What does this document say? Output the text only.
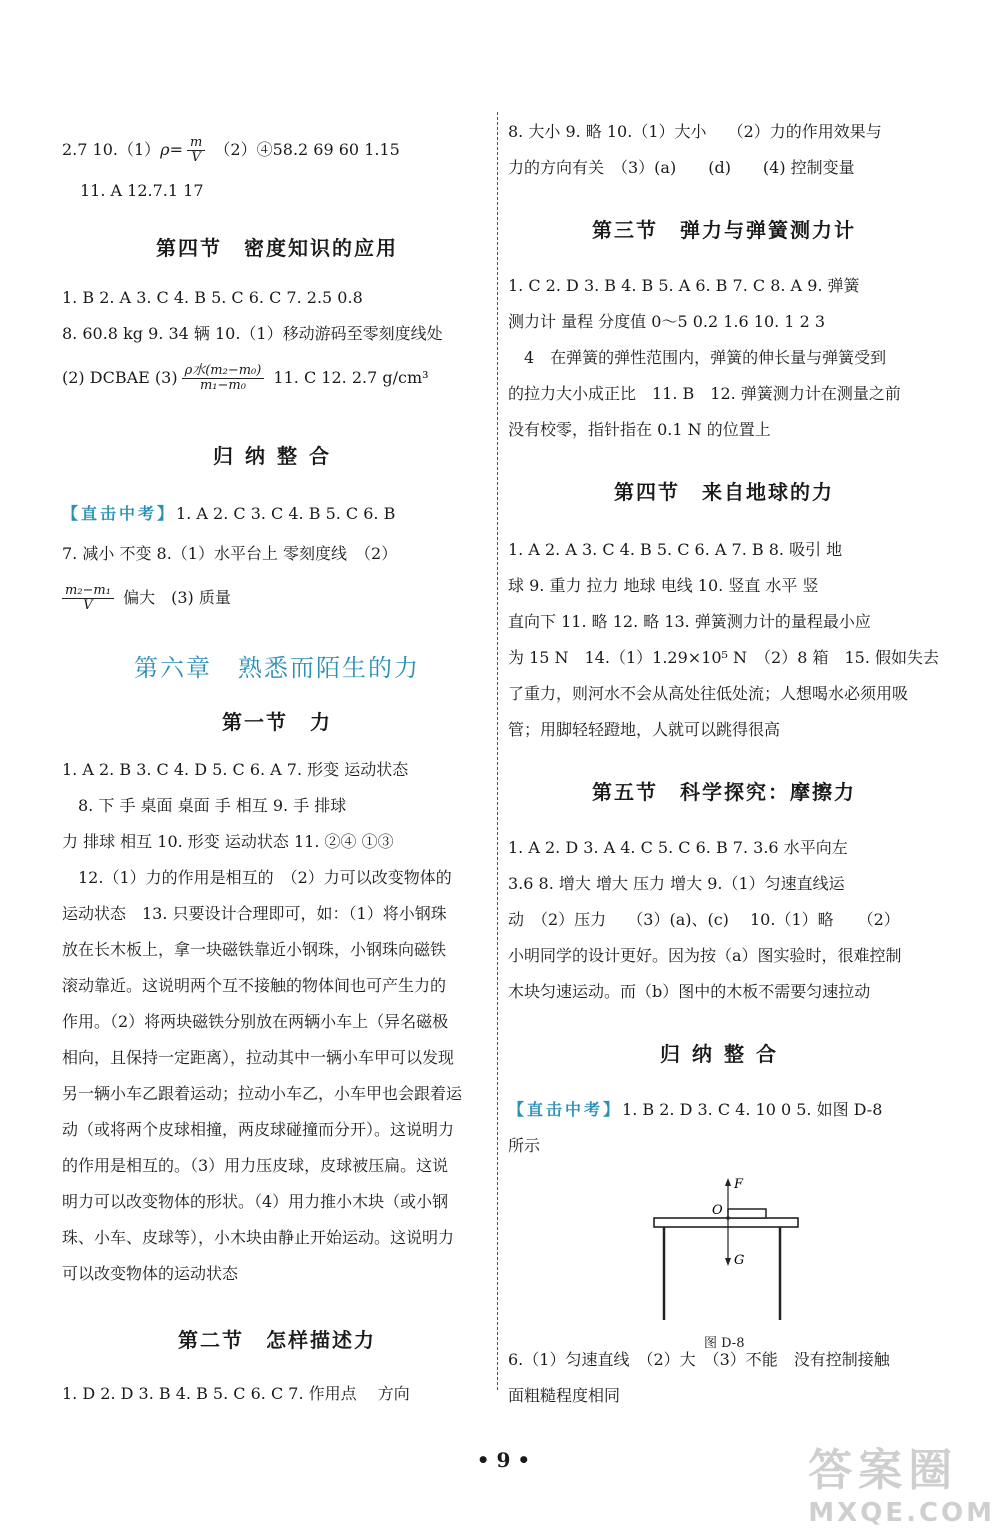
2.7 $10.(1)\rho= \frac{m}{V}$ （2）④58.2 69 60 1.15
11. A 12.7.1 17
第四节　密度知识的应用
1. B 2. A 3. C 4. B 5. C 6. C 7. 2.5 0.8
8. 60.8 kg 9. 34 辆 10.（1）移动游码至零刻度线处
(2) DCBAE $(3) \frac{\text{ρ水(m₂−m₀)}}{\text{m₁−m₀}} 11$. C 12. 2.7 g/cm³
归纳整合
【直击中考】1. A 2. C 3. C 4. B 5. C 6. B
7. 减小 不变 8.（1）水平台上 零刻度线　（2）
$\frac{\text{m₂−m₁}}{V}$ 偏大　(3) 质量
第六章　熟悉而陌生的力
第一节　力
1. A 2. B 3. C 4. D 5. C 6. A 7. 形变 运动状态
　8. 下 手 桌面 桌面 手 相互 9. 手 排球
力 排球 相互 10. 形变 运动状态 11. ②④ ①③
　12.（1）力的作用是相互的　（2）力可以改变物体的
运动状态　13. 只要设计合理即可，如：（1）将小钢珠
放在长木板上，拿一块磁铁靠近小钢珠，小钢珠向磁铁
滚动靠近。这说明两个互不接触的物体间也可产生力的
作用。（2）将两块磁铁分别放在两辆小车上（异名磁极
相向，且保持一定距离），拉动其中一辆小车甲可以发现
另一辆小车乙跟着运动；拉动小车乙，小车甲也会跟着运
动（或将两个皮球相撞，两皮球碰撞而分开）。这说明力
的作用是相互的。（3）用力压皮球，皮球被压扁。这说
明力可以改变物体的形状。（4）用力推小木块（或小钢
珠、小车、皮球等），小木块由静止开始运动。这说明力
可以改变物体的运动状态
第二节　怎样描述力
1. D 2. D 3. B 4. B 5. C 6. C 7. 作用点　 方向
8. 大小 9. 略 10.（1）大小　 （2）力的作用效果与
力的方向有关　（3）(a)　　(d)　　(4) 控制变量
第三节　弹力与弹簧测力计
1. C 2. D 3. B 4. B 5. A 6. B 7. C 8. A 9. 弹簧
测力计 量程 分度值 0～5 0.2 1.6 10. 1 2 3
　4　在弹簧的弹性范围内，弹簧的伸长量与弹簧受到
的拉力大小成正比　11. B　12. 弹簧测力计在测量之前
没有校零，指针指在 0.1 N 的位置上
第四节　来自地球的力
1. A 2. A 3. C 4. B 5. C 6. A 7. B 8. 吸引 地
球 9. 重力 拉力 地球 电线 10. 竖直 水平 竖
直向下 11. 略 12. 略 13. 弹簧测力计的量程最小应
为 15 N　14.（1）1.29×10⁵ N　（2）8 箱　15. 假如失去
了重力，则河水不会从高处往低处流；人想喝水必须用吸
管；用脚轻轻蹬地，人就可以跳得很高
第五节　科学探究：摩擦力
1. A 2. D 3. A 4. C 5. C 6. B 7. 3.6 水平向左
3.6 8. 增大 增大 压力 增大 9.（1）匀速直线运
动　（2）压力　 （3）(a)、(c)　 10.（1）略　　（2）
小明同学的设计更好。因为按（a）图实验时，很难控制
木块匀速运动。而（b）图中的木板不需要匀速拉动
归纳整合
【直击中考】1. B 2. D 3. C 4. 10 0 5. 如图 D-8
所示
F
O
G
图 D-8
6.（1）匀速直线　（2）大　（3）不能　没有控制接触
面粗糙程度相同
• 9 •	答案圈
MXQE.COM
